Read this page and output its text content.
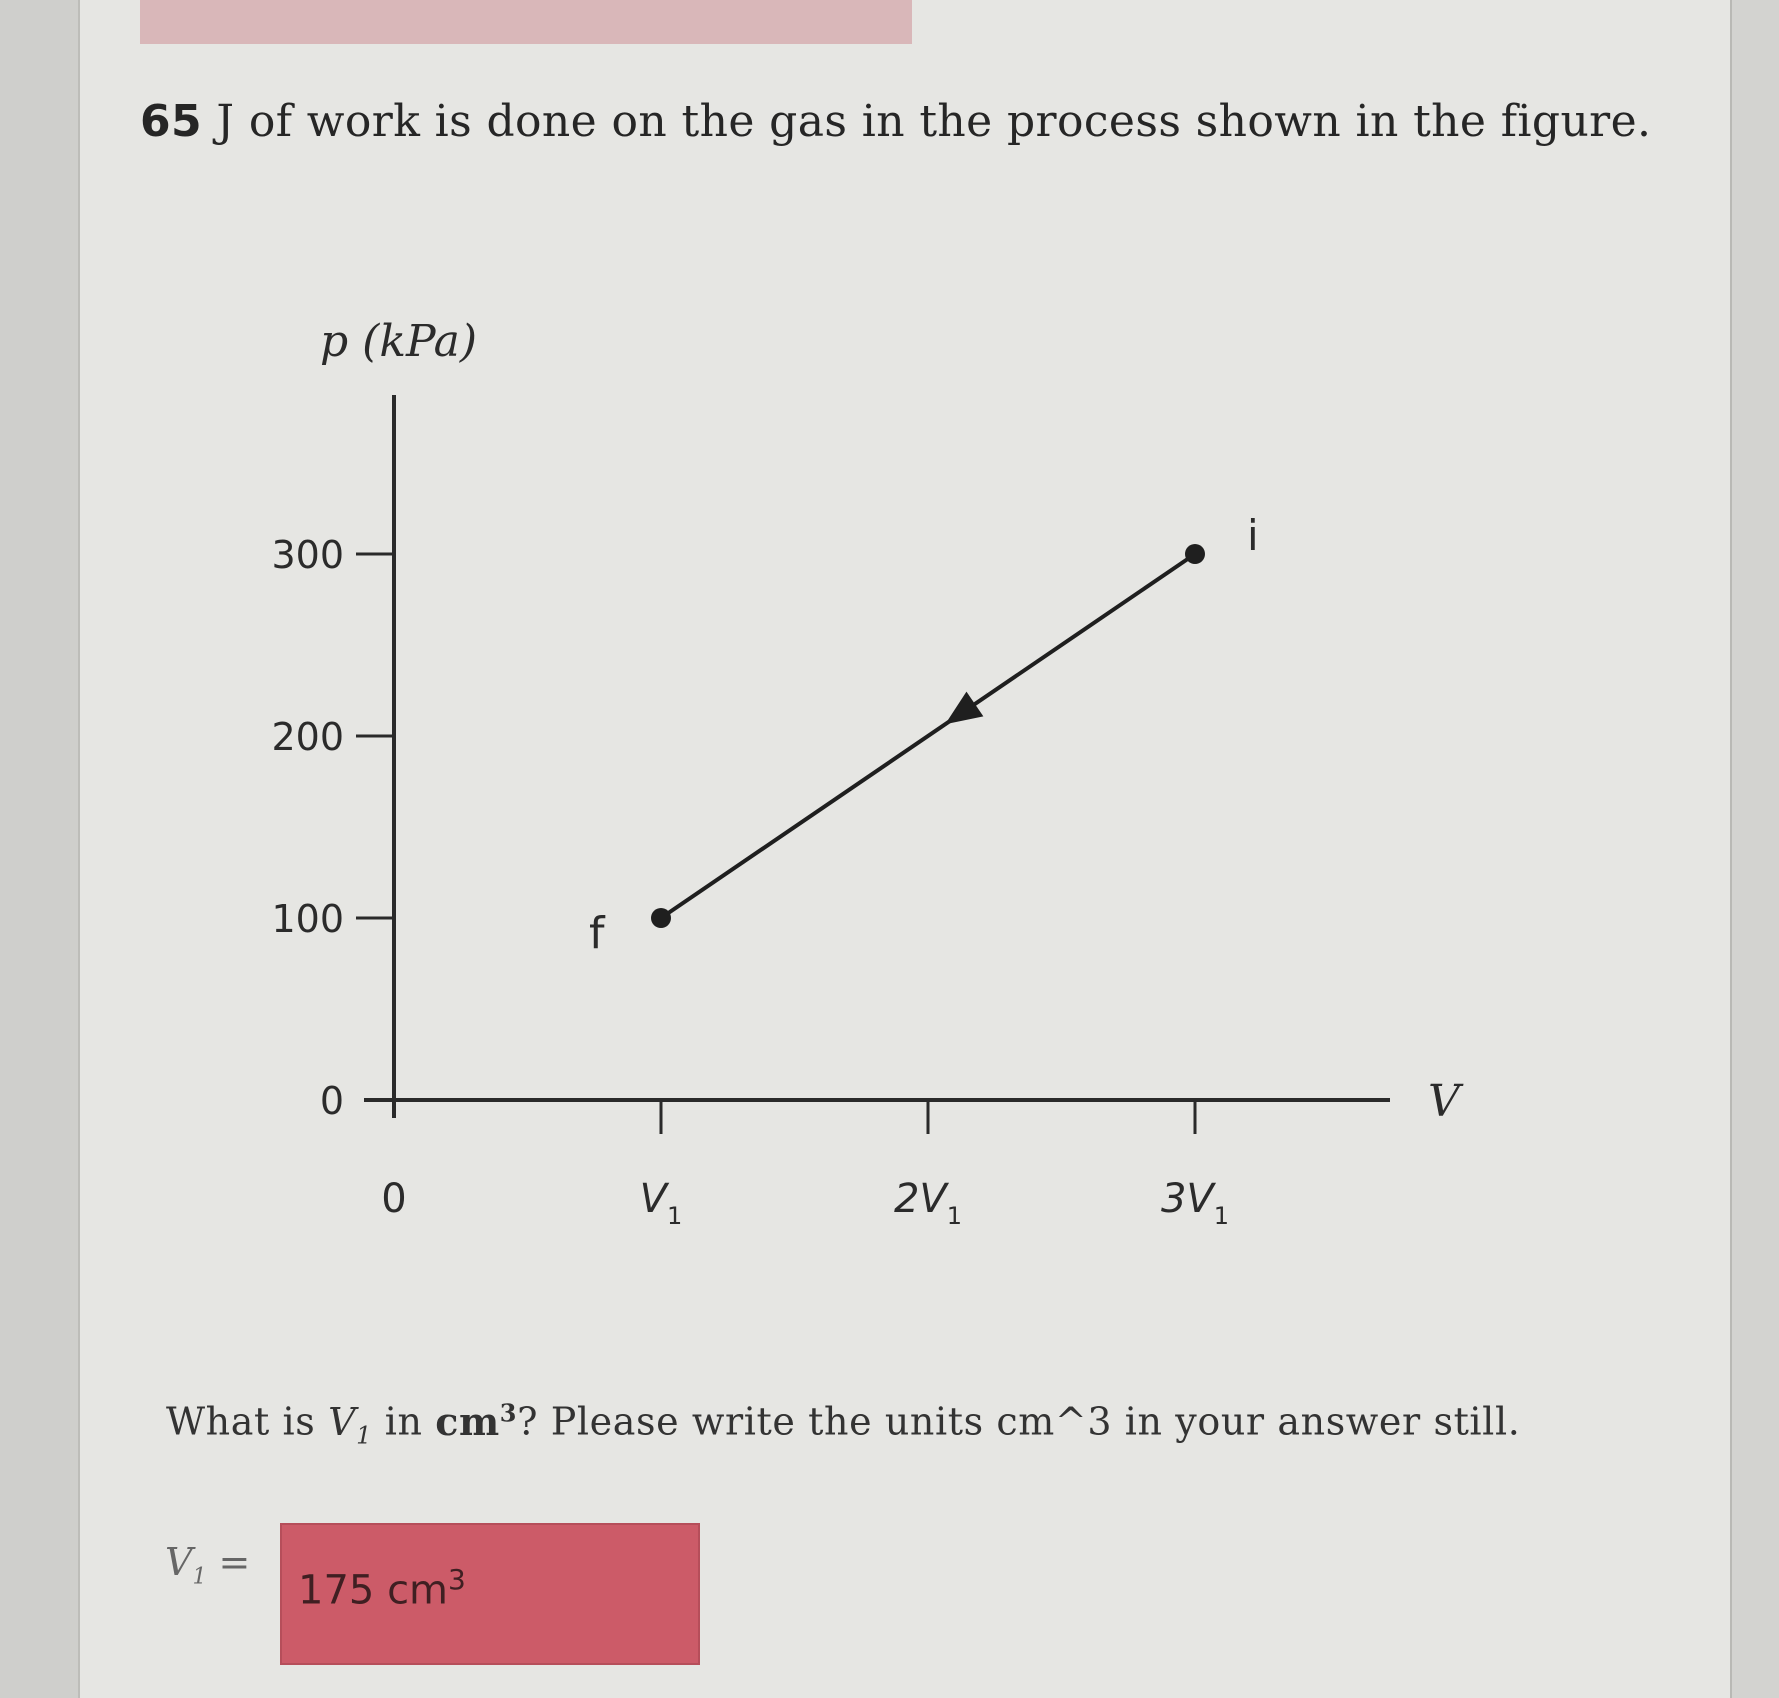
65 J of work is done on the gas in the process shown in the figure.
p (kPa)
0
100
200
300
0	$V_1$	$2V_1$	$3V_1$
V
i
f
What is $V_1$ in $cm^3$? Please write the units cm^3 in your answer still.
$V_1$ =
175 $cm^3$
